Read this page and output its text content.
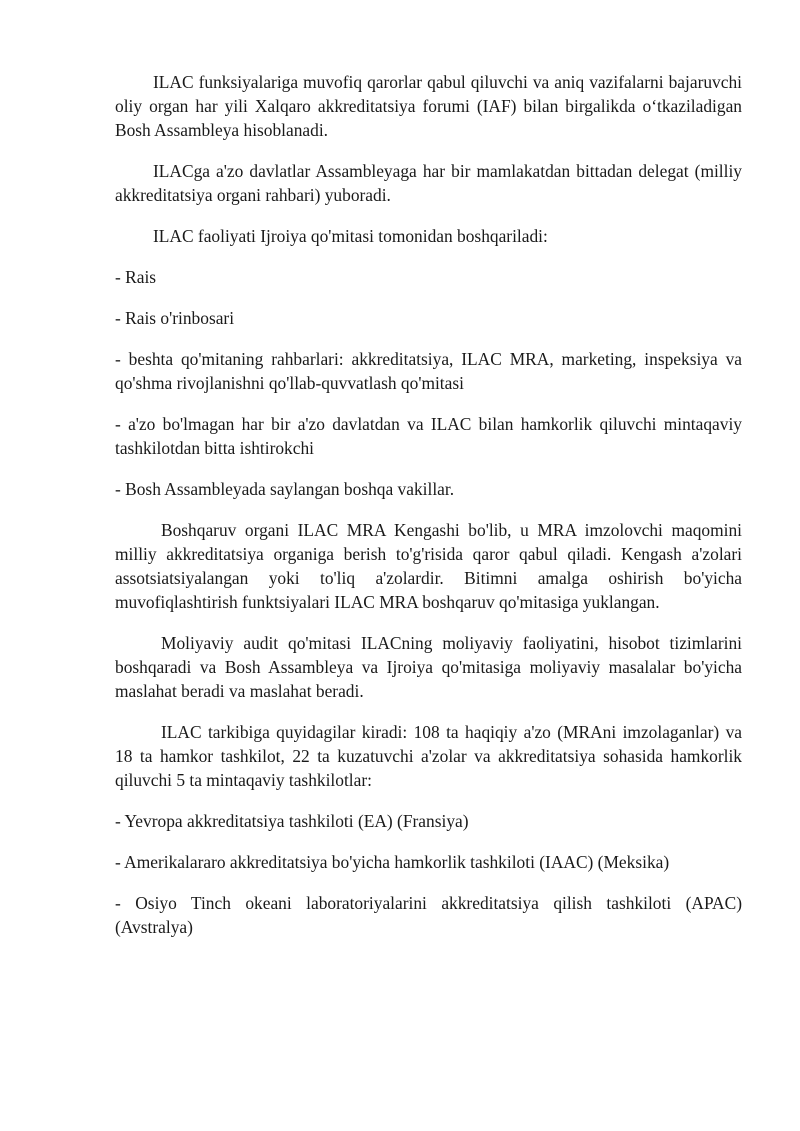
ILAC funksiyalariga muvofiq qarorlar qabul qiluvchi va aniq vazifalarni bajaruvchi oliy organ har yili Xalqaro akkreditatsiya forumi (IAF) bilan birgalikda o‘tkaziladigan Bosh Assambleya hisoblanadi.

ILACga a'zo davlatlar Assambleyaga har bir mamlakatdan bittadan delegat (milliy akkreditatsiya organi rahbari) yuboradi.

ILAC faoliyati Ijroiya qo'mitasi tomonidan boshqariladi:

- Rais

- Rais o'rinbosari

- beshta qo'mitaning rahbarlari: akkreditatsiya, ILAC MRA, marketing, inspeksiya va qo'shma rivojlanishni qo'llab-quvvatlash qo'mitasi

- a'zo bo'lmagan har bir a'zo davlatdan va ILAC bilan hamkorlik qiluvchi mintaqaviy tashkilotdan bitta ishtirokchi

- Bosh Assambleyada saylangan boshqa vakillar.

Boshqaruv organi ILAC MRA Kengashi bo'lib, u MRA imzolovchi maqomini milliy akkreditatsiya organiga berish to'g'risida qaror qabul qiladi. Kengash a'zolari assotsiatsiyalangan yoki to'liq a'zolardir. Bitimni amalga oshirish bo'yicha muvofiqlashtirish funktsiyalari ILAC MRA boshqaruv qo'mitasiga yuklangan.

Moliyaviy audit qo'mitasi ILACning moliyaviy faoliyatini, hisobot tizimlarini boshqaradi va Bosh Assambleya va Ijroiya qo'mitasiga moliyaviy masalalar bo'yicha maslahat beradi va maslahat beradi.

ILAC tarkibiga quyidagilar kiradi: 108 ta haqiqiy a'zo (MRAni imzolaganlar) va 18 ta hamkor tashkilot, 22 ta kuzatuvchi a'zolar va akkreditatsiya sohasida hamkorlik qiluvchi 5 ta mintaqaviy tashkilotlar:

- Yevropa akkreditatsiya tashkiloti (EA) (Fransiya)

- Amerikalararo akkreditatsiya bo'yicha hamkorlik tashkiloti (IAAC) (Meksika)

- Osiyo Tinch okeani laboratoriyalarini akkreditatsiya qilish tashkiloti (APAC) (Avstralya)
